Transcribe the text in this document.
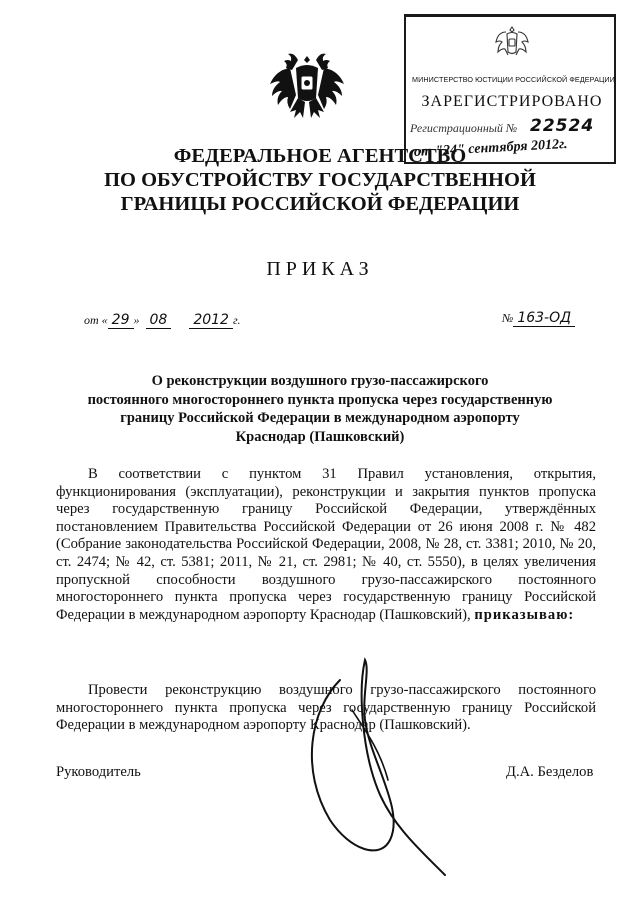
МИНИСТЕРСТВО ЮСТИЦИИ РОССИЙСКОЙ ФЕДЕРАЦИИ
ЗАРЕГИСТРИРОВАНО
Регистрационный № 22524
от "24" сентября 2012г.
ФЕДЕРАЛЬНОЕ АГЕНТСТВО
ПО ОБУСТРОЙСТВУ ГОСУДАРСТВЕННОЙ
ГРАНИЦЫ РОССИЙСКОЙ ФЕДЕРАЦИИ
ПРИКАЗ
от « 29 » 08 2012 г.	№ 163-ОД
О реконструкции воздушного грузо-пассажирского
постоянного многостороннего пункта пропуска через государственную
границу Российской Федерации в международном аэропорту
Краснодар (Пашковский)
В соответствии с пунктом 31 Правил установления, открытия, функционирования (эксплуатации), реконструкции и закрытия пунктов пропуска через государственную границу Российской Федерации, утверждённых постановлением Правительства Российской Федерации от 26 июня 2008 г. № 482 (Собрание законодательства Российской Федерации, 2008, № 28, ст. 3381; 2010, № 20, ст. 2474; № 42, ст. 5381; 2011, № 21, ст. 2981; № 40, ст. 5550), в целях увеличения пропускной способности воздушного грузо-пассажирского постоянного многостороннего пункта пропуска через государственную границу Российской Федерации в международном аэропорту Краснодар (Пашковский), приказываю:
Провести реконструкцию воздушного грузо-пассажирского постоянного многостороннего пункта пропуска через государственную границу Российской Федерации в международном аэропорту Краснодар (Пашковский).
Руководитель	Д.А. Безделов
